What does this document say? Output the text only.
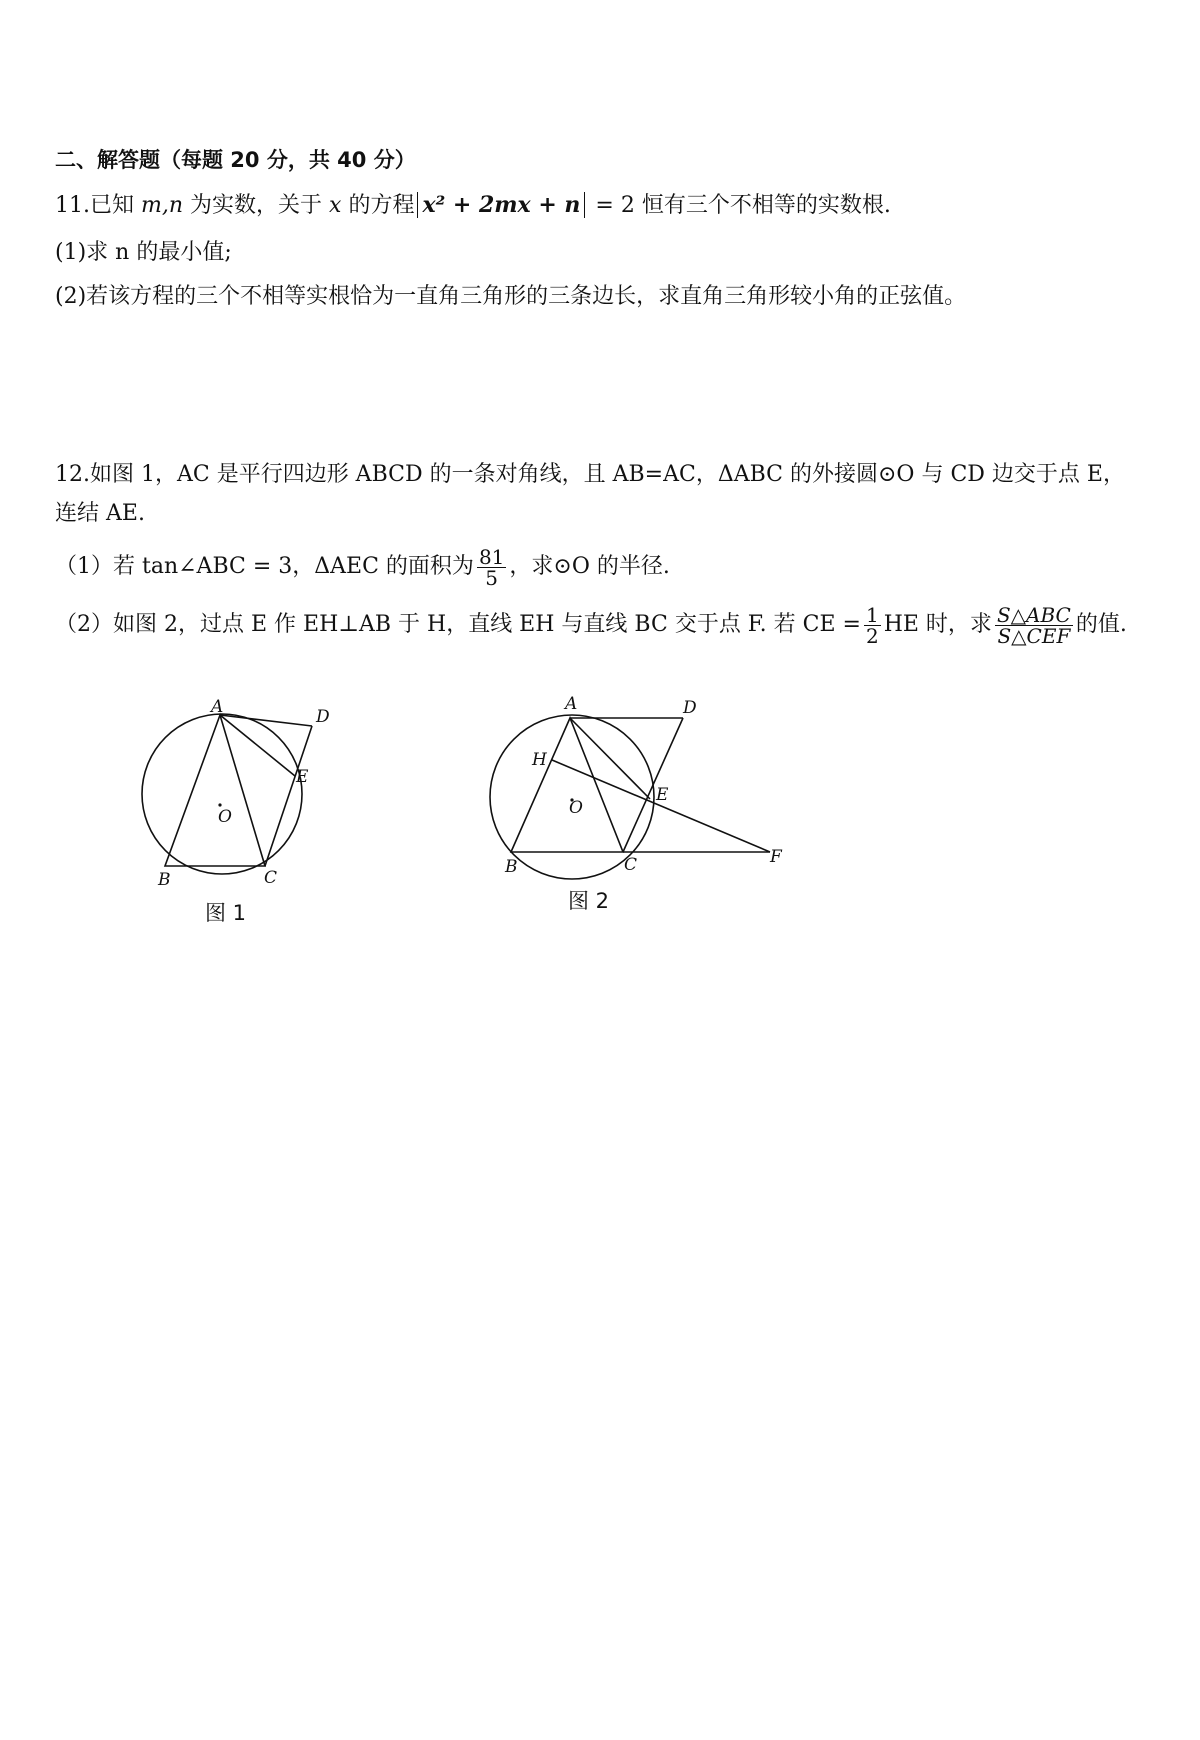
二、解答题（每题 20 分，共 40 分）
11.已知 m,n 为实数，关于 x 的方程 x² + 2mx + n = 2 恒有三个不相等的实数根.
(1)求 n 的最小值;
(2)若该方程的三个不相等实根恰为一直角三角形的三条边长，求直角三角形较小角的正弦值。
12.如图 1，AC 是平行四边形 ABCD 的一条对角线，且 AB=AC，ΔABC 的外接圆⊙O 与 CD 边交于点 E，
连结 AE.
（1）若 tan∠ABC = 3，ΔAEC 的面积为 $\frac{81}{5}$ ，求⊙O 的半径.
（2）如图 2，过点 E 作 EH⊥AB 于 H，直线 EH 与直线 BC 交于点 F. 若 CE = $\frac{1}{2}$ HE 时，求 $\frac{\text{S△ABC}}{\text{S△CEF}}$ 的值.
A	D
E
O
B	C
A	D
H
O
E
B	C	F
图 1	图 2
